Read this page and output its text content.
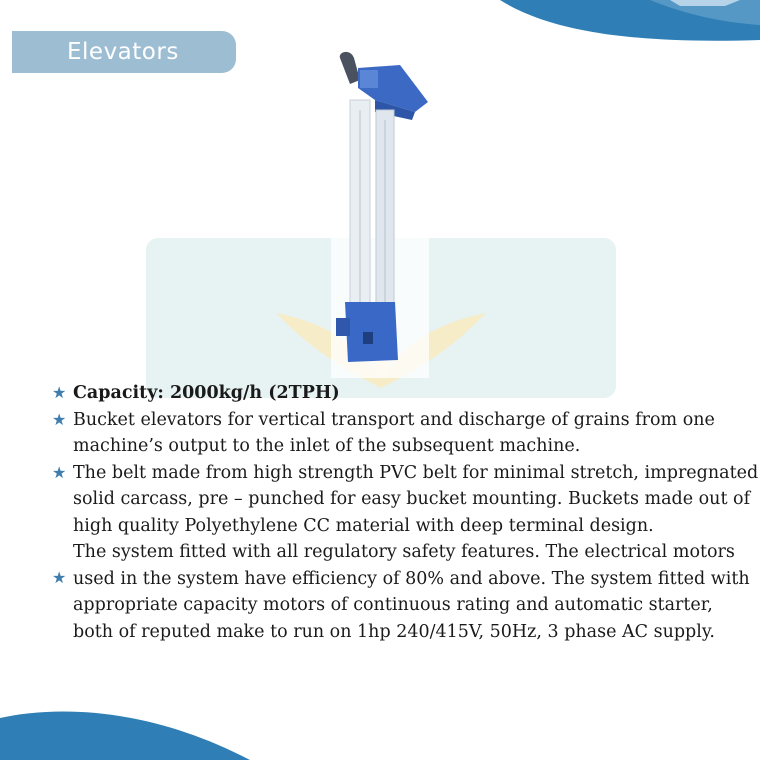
Elevators
★ Capacity: 2000kg/h (2TPH)
★ Bucket elevators for vertical transport and discharge of grains from one
machine’s output to the inlet of the subsequent machine.
★ The belt made from high strength PVC belt for minimal stretch, impregnated
solid carcass, pre – punched for easy bucket mounting. Buckets made out of
high quality Polyethylene CC material with deep terminal design.
★
The system fitted with all regulatory safety features. The electrical motors
used in the system have efficiency of 80% and above. The system fitted with
appropriate capacity motors of continuous rating and automatic starter,
both of reputed make to run on 1hp 240/415V, 50Hz, 3 phase AC supply.
